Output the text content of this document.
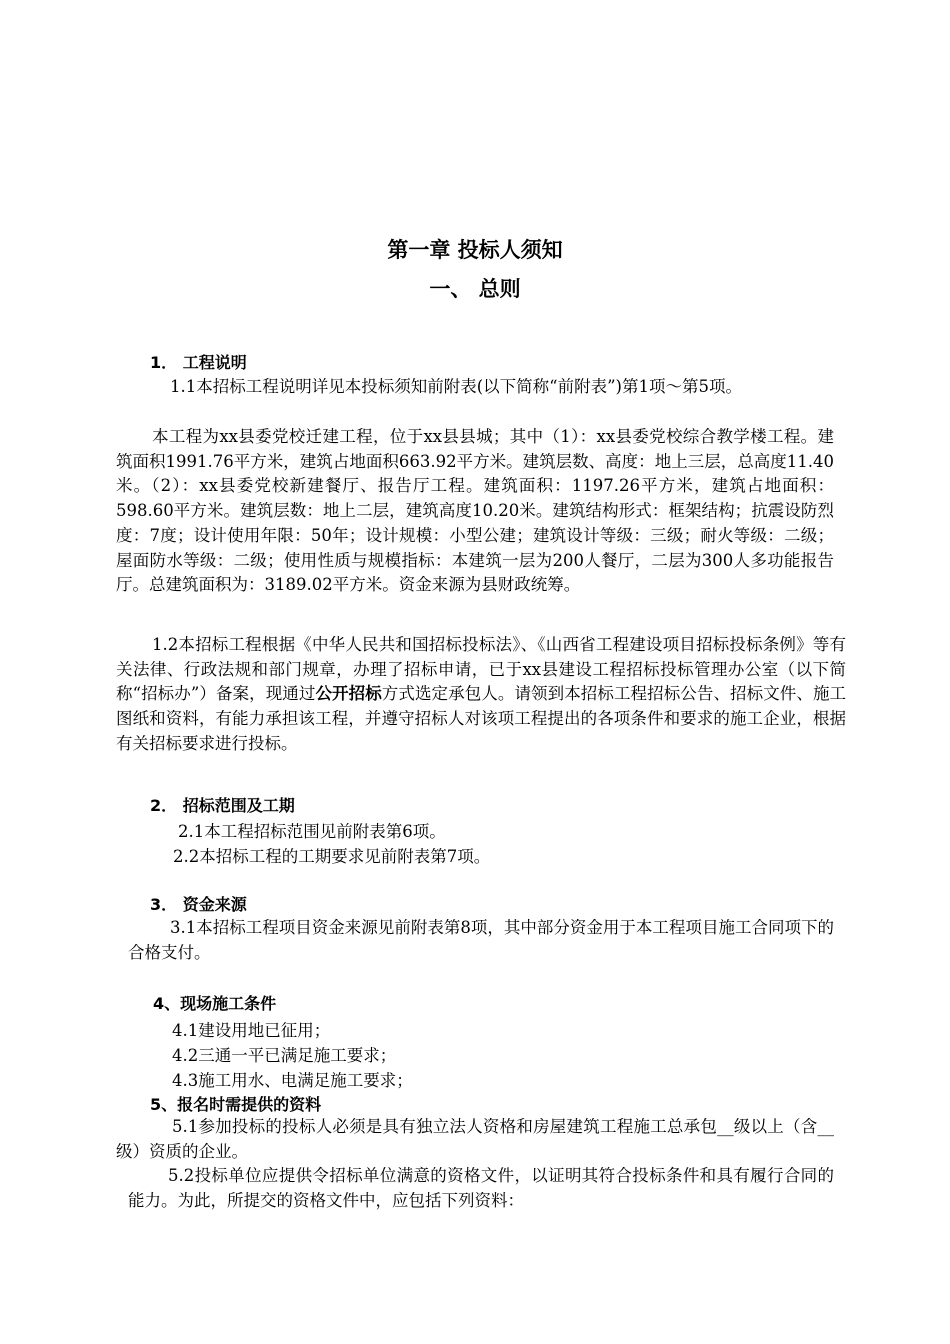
第一章 投标人须知
一、 总则
1． 工程说明
1.1本招标工程说明详见本投标须知前附表(以下简称“前附表”)第1项～第5项。
本工程为xx县委党校迁建工程，位于xx县县城；其中（1）：xx县委党校综合教学楼工程。建筑面积1991.76平方米，建筑占地面积663.92平方米。建筑层数、高度：地上三层，总高度11.40米。（2）：xx县委党校新建餐厅、报告厅工程。建筑面积：1197.26平方米，建筑占地面积：598.60平方米。建筑层数：地上二层，建筑高度10.20米。建筑结构形式：框架结构；抗震设防烈度：7度；设计使用年限：50年；设计规模：小型公建；建筑设计等级：三级；耐火等级：二级；屋面防水等级：二级；使用性质与规模指标：本建筑一层为200人餐厅，二层为300人多功能报告厅。总建筑面积为：3189.02平方米。资金来源为县财政统筹。
1.2本招标工程根据《中华人民共和国招标投标法》、《山西省工程建设项目招标投标条例》等有关法律、行政法规和部门规章，办理了招标申请，已于xx县建设工程招标投标管理办公室（以下简称“招标办”）备案，现通过公开招标方式选定承包人。请领到本招标工程招标公告、招标文件、施工图纸和资料，有能力承担该工程，并遵守招标人对该项工程提出的各项条件和要求的施工企业，根据有关招标要求进行投标。
2． 招标范围及工期
2.1本工程招标范围见前附表第6项。
2.2本招标工程的工期要求见前附表第7项。
3． 资金来源
3.1本招标工程项目资金来源见前附表第8项，其中部分资金用于本工程项目施工合同项下的合格支付。
4、现场施工条件
4.1建设用地已征用；
4.2三通一平已满足施工要求；
4.3施工用水、电满足施工要求；
5、报名时需提供的资料
5.1参加投标的投标人必须是具有独立法人资格和房屋建筑工程施工总承包__级以上（含__级）资质的企业。
5.2投标单位应提供令招标单位满意的资格文件，以证明其符合投标条件和具有履行合同的能力。为此，所提交的资格文件中，应包括下列资料：
